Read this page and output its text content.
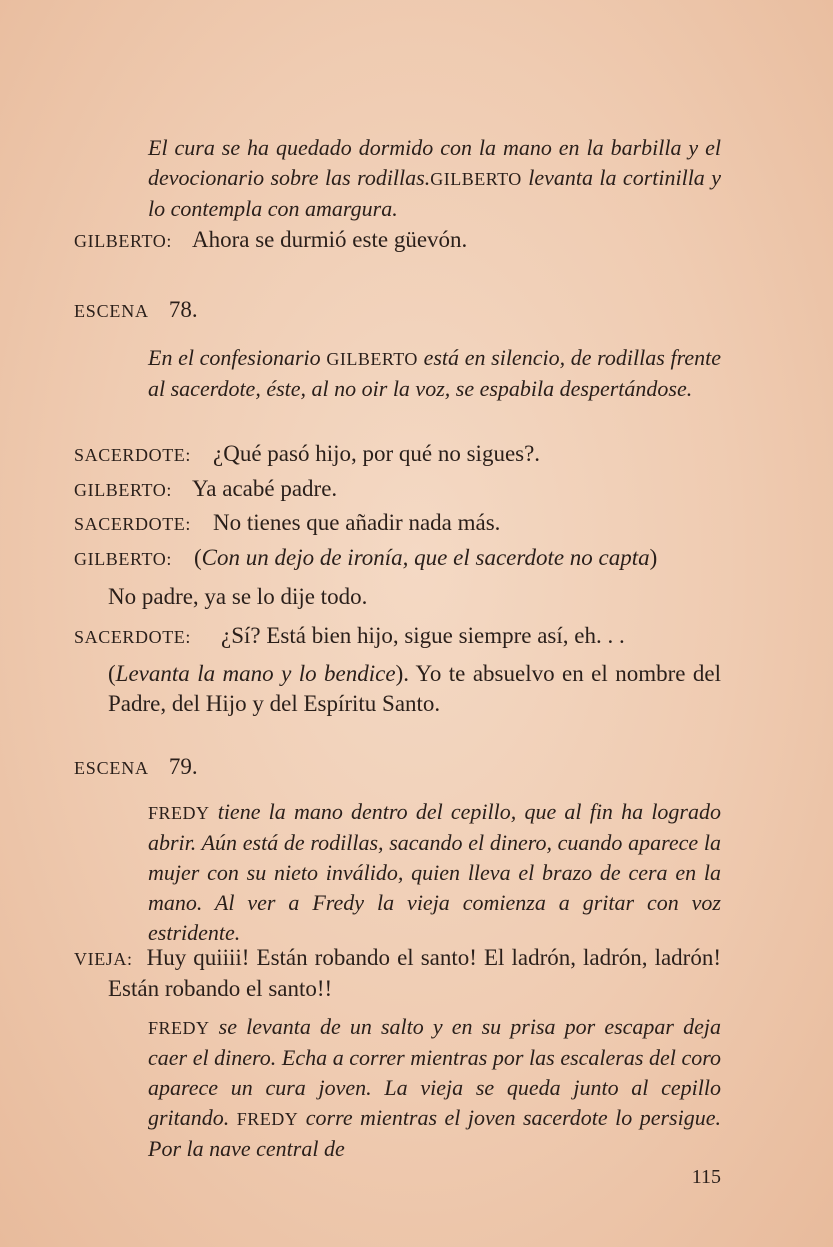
El cura se ha quedado dormido con la mano en la barbilla y el devocionario sobre las rodillas.GILBERTO levanta la cortinilla y lo contempla con amargura.
GILBERTO: Ahora se durmió este güevón.
ESCENA 78.
En el confesionario GILBERTO está en silencio, de rodillas frente al sacerdote, éste, al no oir la voz, se espabila despertándose.
SACERDOTE: ¿Qué pasó hijo, por qué no sigues?.
GILBERTO: Ya acabé padre.
SACERDOTE: No tienes que añadir nada más.
GILBERTO: (Con un dejo de ironía, que el sacerdote no capta)
No padre, ya se lo dije todo.
SACERDOTE: ¿Sí? Está bien hijo, sigue siempre así, eh. . .
(Levanta la mano y lo bendice). Yo te absuelvo en el nombre del Padre, del Hijo y del Espíritu Santo.
ESCENA 79.
FREDY tiene la mano dentro del cepillo, que al fin ha logrado abrir. Aún está de rodillas, sacando el dinero, cuando aparece la mujer con su nieto inválido, quien lleva el brazo de cera en la mano. Al ver a Fredy la vieja comienza a gritar con voz estridente.
VIEJA: Huy quiiii! Están robando el santo! El ladrón, ladrón, ladrón! Están robando el santo!!
FREDY se levanta de un salto y en su prisa por escapar deja caer el dinero. Echa a correr mientras por las escaleras del coro aparece un cura joven. La vieja se queda junto al cepillo gritando. FREDY corre mientras el joven sacerdote lo persigue. Por la nave central de
115
